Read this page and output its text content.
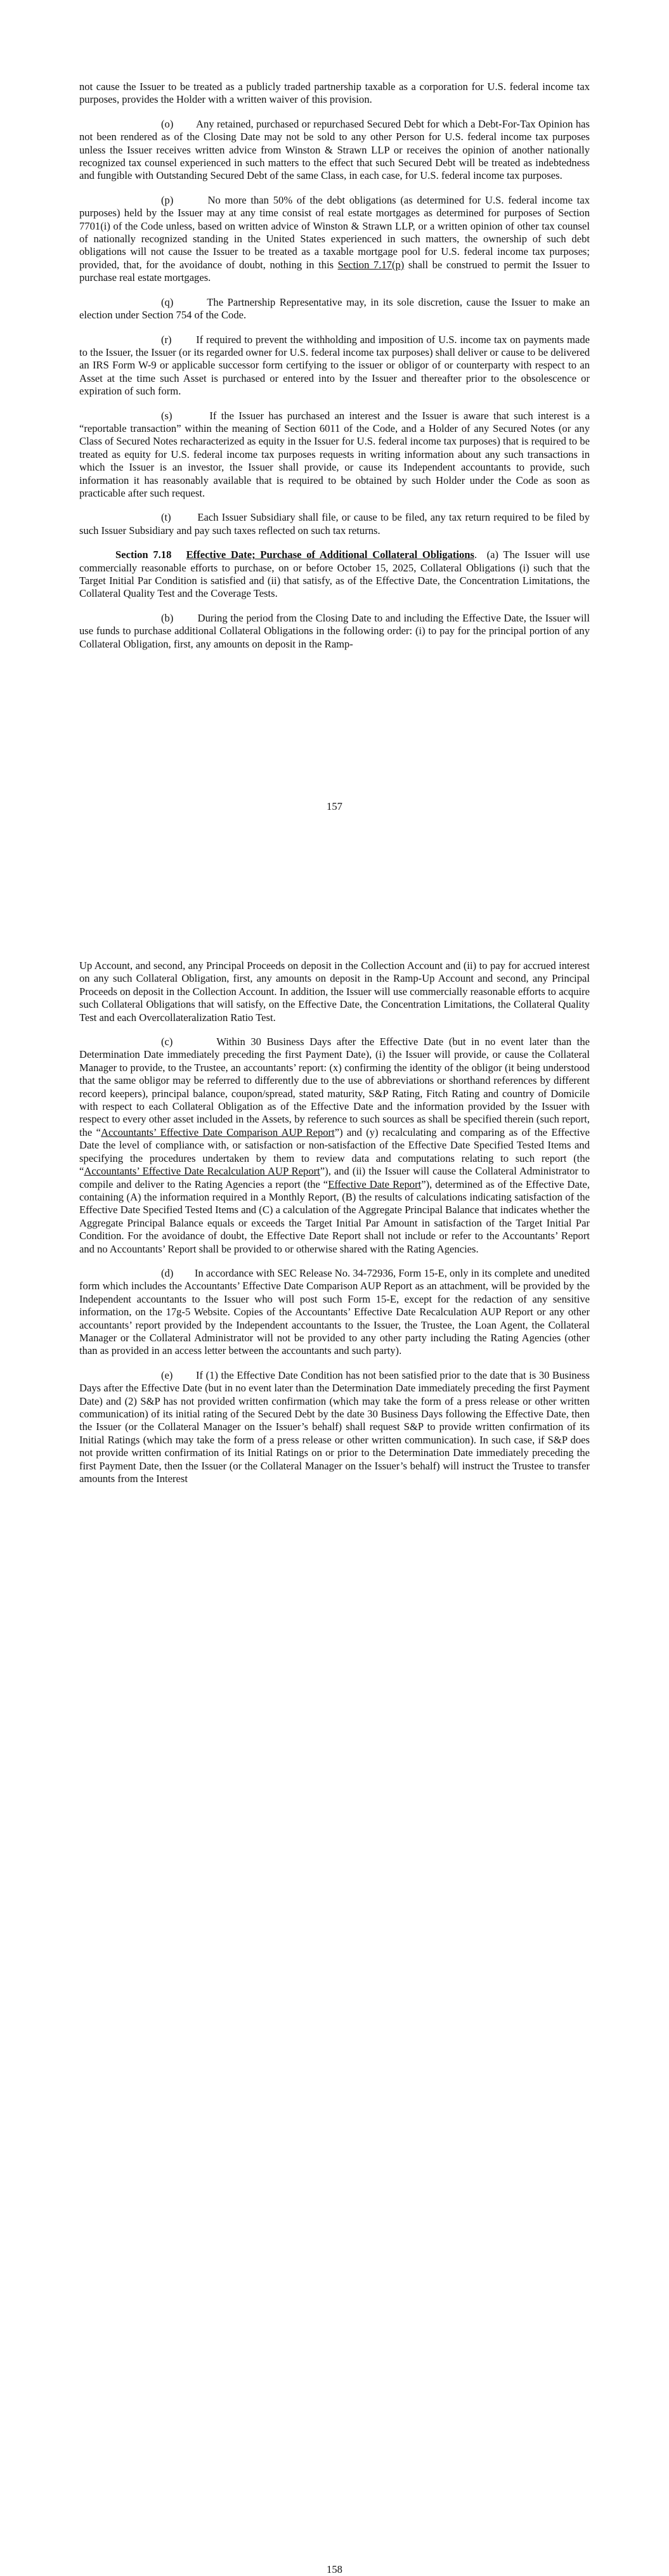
not cause the Issuer to be treated as a publicly traded partnership taxable as a corporation for U.S. federal income tax purposes, provides the Holder with a written waiver of this provision.

(o) Any retained, purchased or repurchased Secured Debt for which a Debt-For-Tax Opinion has not been rendered as of the Closing Date may not be sold to any other Person for U.S. federal income tax purposes unless the Issuer receives written advice from Winston & Strawn LLP or receives the opinion of another nationally recognized tax counsel experienced in such matters to the effect that such Secured Debt will be treated as indebtedness and fungible with Outstanding Secured Debt of the same Class, in each case, for U.S. federal income tax purposes.

(p)	No more than 50% of the debt obligations (as determined for U.S. federal income tax purposes) held by the Issuer may at any time consist of real estate mortgages as determined for purposes of Section 7701(i) of the Code unless, based on written advice of Winston & Strawn LLP, or a written opinion of other tax counsel of nationally recognized standing in the United States experienced in such matters, the ownership of such debt obligations will not cause the Issuer to be treated as a taxable mortgage pool for U.S. federal income tax purposes; provided, that, for the avoidance of doubt, nothing in this Section 7.17(p) shall be construed to permit the Issuer to purchase real estate mortgages.

(q)	The Partnership Representative may, in its sole discretion, cause the Issuer to make an election under Section 754 of the Code.

(r) If required to prevent the withholding and imposition of U.S. income tax on payments made to the Issuer, the Issuer (or its regarded owner for U.S. federal income tax purposes) shall deliver or cause to be delivered an IRS Form W-9 or applicable successor form certifying to the issuer or obligor of or counterparty with respect to an Asset at the time such Asset is purchased or entered into by the Issuer and thereafter prior to the obsolescence or expiration of such form.

(s)	If the Issuer has purchased an interest and the Issuer is aware that such interest is a “reportable transaction” within the meaning of Section 6011 of the Code, and a Holder of any Secured Notes (or any Class of Secured Notes recharacterized as equity in the Issuer for U.S. federal income tax purposes) that is required to be treated as equity for U.S. federal income tax purposes requests in writing information about any such transactions in which the Issuer is an investor, the Issuer shall provide, or cause its Independent accountants to provide, such information it has reasonably available that is required to be obtained by such Holder under the Code as soon as practicable after such request.

(t)	Each Issuer Subsidiary shall file, or cause to be filed, any tax return required to be filed by such Issuer Subsidiary and pay such taxes reflected on such tax returns.

Section 7.18 Effective Date; Purchase of Additional Collateral Obligations.  (a) The Issuer will use commercially reasonable efforts to purchase, on or before October 15, 2025, Collateral Obligations (i) such that the Target Initial Par Condition is satisfied and (ii) that satisfy, as of the Effective Date, the Concentration Limitations, the Collateral Quality Test and the Coverage Tests.

(b) During the period from the Closing Date to and including the Effective Date, the Issuer will use funds to purchase additional Collateral Obligations in the following order: (i) to pay for the principal portion of any Collateral Obligation, first, any amounts on deposit in the Ramp-

157

Up Account, and second, any Principal Proceeds on deposit in the Collection Account and (ii) to pay for accrued interest on any such Collateral Obligation, first, any amounts on deposit in the Ramp-Up Account and second, any Principal Proceeds on deposit in the Collection Account. In addition, the Issuer will use commercially reasonable efforts to acquire such Collateral Obligations that will satisfy, on the Effective Date, the Concentration Limitations, the Collateral Quality Test and each Overcollateralization Ratio Test.

(c)	Within 30 Business Days after the Effective Date (but in no event later than the Determination Date immediately preceding the first Payment Date), (i) the Issuer will provide, or cause the Collateral Manager to provide, to the Trustee, an accountants’ report: (x) confirming the identity of the obligor (it being understood that the same obligor may be referred to differently due to the use of abbreviations or shorthand references by different record keepers), principal balance, coupon/spread, stated maturity, S&P Rating, Fitch Rating and country of Domicile with respect to each Collateral Obligation as of the Effective Date and the information provided by the Issuer with respect to every other asset included in the Assets, by reference to such sources as shall be specified therein (such report, the “Accountants’ Effective Date Comparison AUP Report”) and (y) recalculating and comparing as of the Effective Date the level of compliance with, or satisfaction or non-satisfaction of the Effective Date Specified Tested Items and specifying the procedures undertaken by them to review data and computations relating to such report (the “Accountants’ Effective Date Recalculation AUP Report”), and (ii) the Issuer will cause the Collateral Administrator to compile and deliver to the Rating Agencies a report (the “Effective Date Report”), determined as of the Effective Date, containing (A) the information required in a Monthly Report, (B) the results of calculations indicating satisfaction of the Effective Date Specified Tested Items and (C) a calculation of the Aggregate Principal Balance that indicates whether the Aggregate Principal Balance equals or exceeds the Target Initial Par Amount in satisfaction of the Target Initial Par Condition. For the avoidance of doubt, the Effective Date Report shall not include or refer to the Accountants’ Report and no Accountants’ Report shall be provided to or otherwise shared with the Rating Agencies.

(d) In accordance with SEC Release No. 34-72936, Form 15-E, only in its complete and unedited form which includes the Accountants’ Effective Date Comparison AUP Report as an attachment, will be provided by the Independent accountants to the Issuer who will post such Form 15-E, except for the redaction of any sensitive information, on the 17g-5 Website. Copies of the Accountants’ Effective Date Recalculation AUP Report or any other accountants’ report provided by the Independent accountants to the Issuer, the Trustee, the Loan Agent, the Collateral Manager or the Collateral Administrator will not be provided to any other party including the Rating Agencies (other than as provided in an access letter between the accountants and such party).

(e) If (1) the Effective Date Condition has not been satisfied prior to the date that is 30 Business Days after the Effective Date (but in no event later than the Determination Date immediately preceding the first Payment Date) and (2) S&P has not provided written confirmation (which may take the form of a press release or other written communication) of its initial rating of the Secured Debt by the date 30 Business Days following the Effective Date, then the Issuer (or the Collateral Manager on the Issuer’s behalf) shall request S&P to provide written confirmation of its Initial Ratings (which may take the form of a press release or other written communication). In such case, if S&P does not provide written confirmation of its Initial Ratings on or prior to the Determination Date immediately preceding the first Payment Date, then the Issuer (or the Collateral Manager on the Issuer’s behalf) will instruct the Trustee to transfer amounts from the Interest

158
